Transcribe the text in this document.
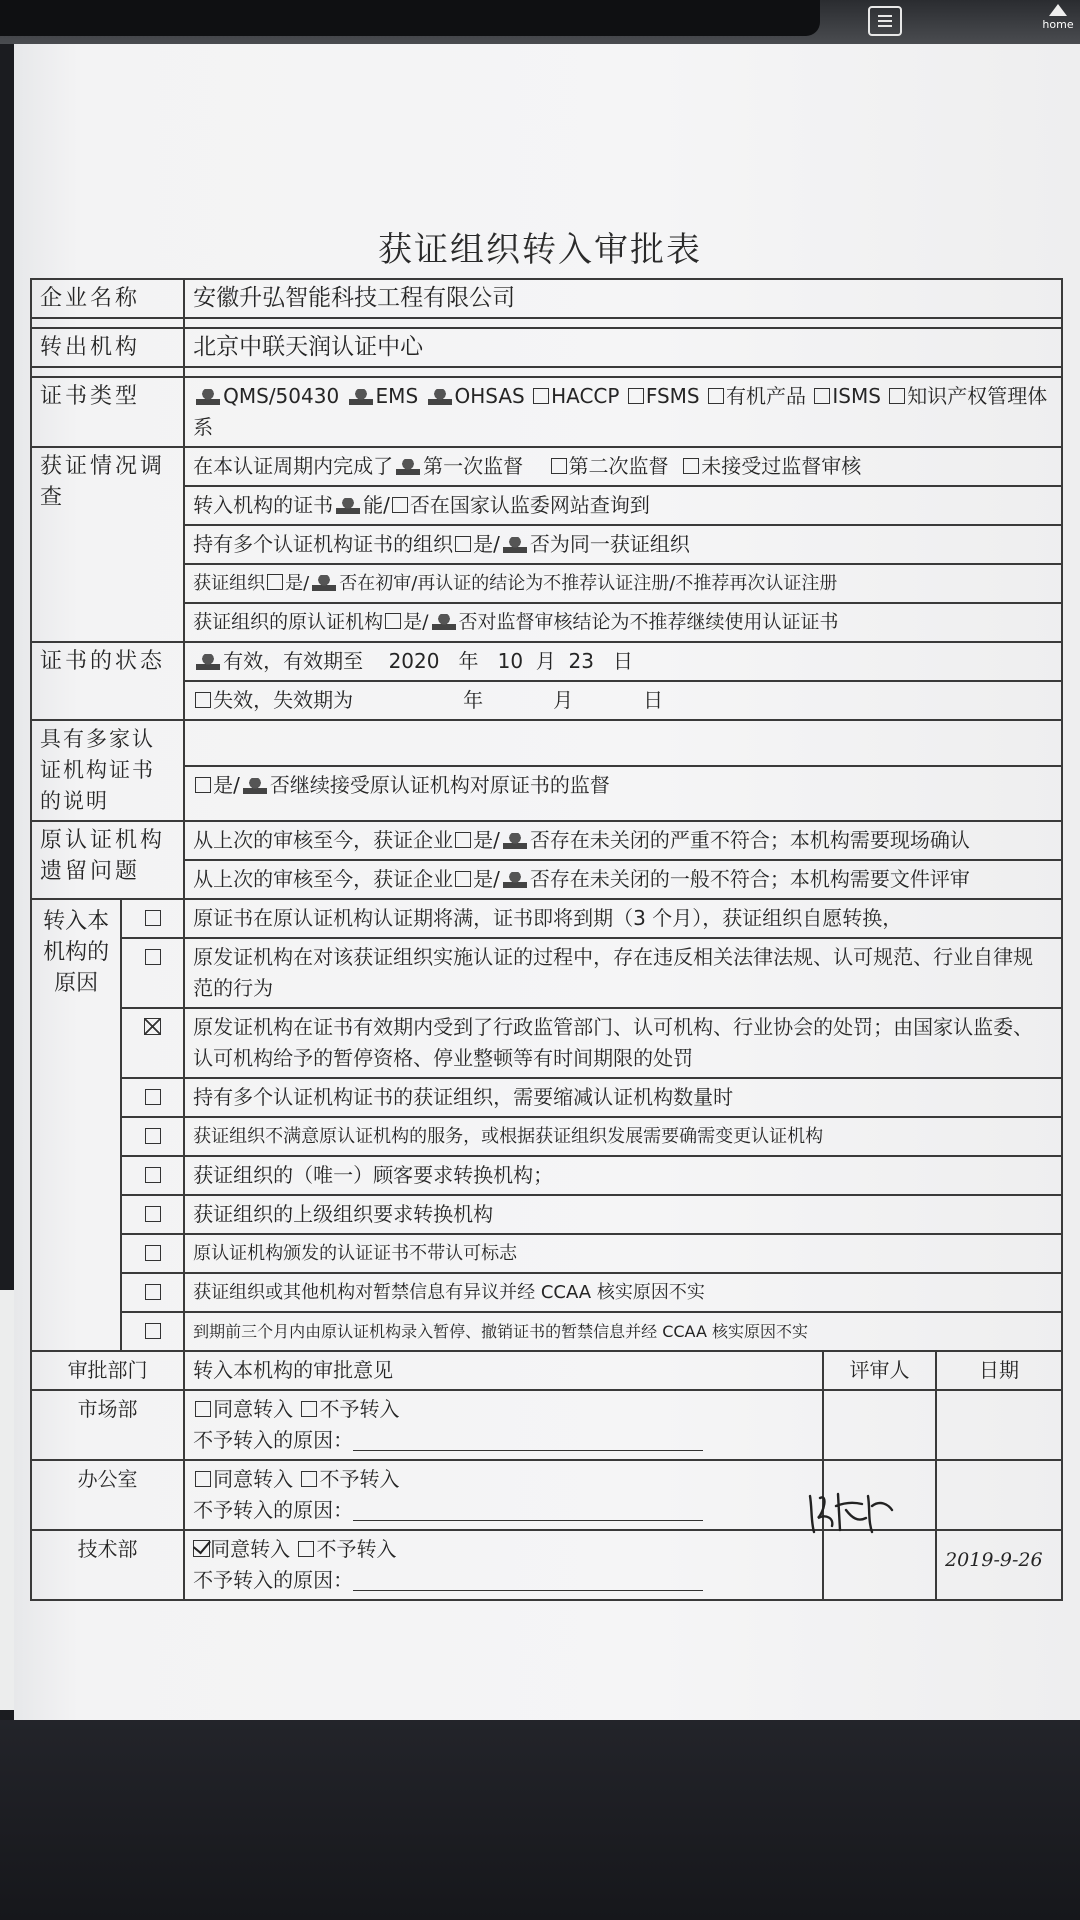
home
获证组织转入审批表
企业名称		安徽升弘智能科技工程有限公司		

转出机构		北京中联天润认证中心		

证书类型		QMS/50430 EMS OHSAS HACCP FSMS 有机产品 ISMS 知识产权管理体系		
获证情况调查		在本认证周期内完成了 第一次监督 第二次监督 未接受过监督审核		
		转入机构的证书 能/ 否在国家认监委网站查询到		
		持有多个认证机构证书的组织 是/ 否为同一获证组织		
		获证组织 是/ 否在初审/再认证的结论为不推荐认证注册/不推荐再次认证注册		
		获证组织的原认证机构 是/ 否对监督审核结论为不推荐继续使用认证证书		
证书的状态		有效，有效期至 2020 年 10 月 23 日		
		失效，失效期为 年 月 日		
具有多家认证机构证书的说明				
		是/ 否继续接受原认证机构对原证书的监督		
原认证机构遗留问题		从上次的审核至今，获证企业 是/ 否存在未关闭的严重不符合；本机构需要现场确认		
		从上次的审核至今，获证企业 是/ 否存在未关闭的一般不符合；本机构需要文件评审		
转入本机构的原因		原证书在原认证机构认证期将满，证书即将到期（3 个月），获证组织自愿转换，		
		原发证机构在对该获证组织实施认证的过程中，存在违反相关法律法规、认可规范、行业自律规范的行为		
		原发证机构在证书有效期内受到了行政监管部门、认可机构、行业协会的处罚；由国家认监委、认可机构给予的暂停资格、停业整顿等有时间期限的处罚		
		持有多个认证机构证书的获证组织，需要缩减认证机构数量时		
		获证组织不满意原认证机构的服务，或根据获证组织发展需要确需变更认证机构		
		获证组织的（唯一）顾客要求转换机构；		
		获证组织的上级组织要求转换机构		
		原认证机构颁发的认证证书不带认可标志		
		获证组织或其他机构对暂禁信息有异议并经 CCAA 核实原因不实		
		到期前三个月内由原认证机构录入暂停、撤销证书的暂禁信息并经 CCAA 核实原因不实		
审批部门		转入本机构的审批意见	评审人	日期
市场部		同意转入 不予转入
不予转入的原因：		
办公室		同意转入 不予转入
不予转入的原因：		
技术部		同意转入 不予转入
不予转入的原因：		2019-9-26
